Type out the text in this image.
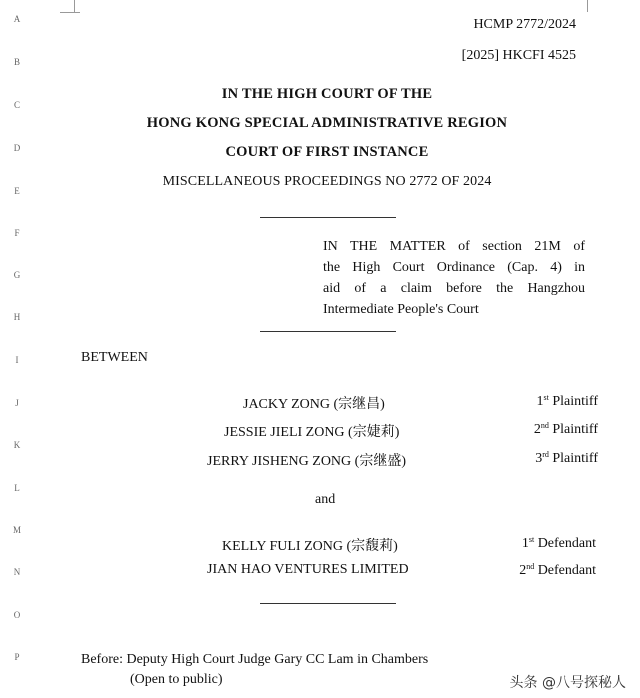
A
B
C
D
E
F
G
H
I
J
K
L
M
N
O
P
HCMP 2772/2024
[2025] HKCFI 4525
IN THE HIGH COURT OF THE
HONG KONG SPECIAL ADMINISTRATIVE REGION
COURT OF FIRST INSTANCE
MISCELLANEOUS PROCEEDINGS NO 2772 OF 2024
IN THE MATTER of section 21M of
the High Court Ordinance (Cap. 4) in
aid of a claim before the Hangzhou
Intermediate People's Court
BETWEEN
JACKY ZONG (宗继昌)	1st Plaintiff
JESSIE JIELI ZONG (宗婕莉)	2nd Plaintiff
JERRY JISHENG ZONG (宗继盛)	3rd Plaintiff
and
KELLY FULI ZONG (宗馥莉)	1st Defendant
JIAN HAO VENTURES LIMITED	2nd Defendant
Before: Deputy High Court Judge Gary CC Lam in Chambers
(Open to public)	头条 @八号探秘人
